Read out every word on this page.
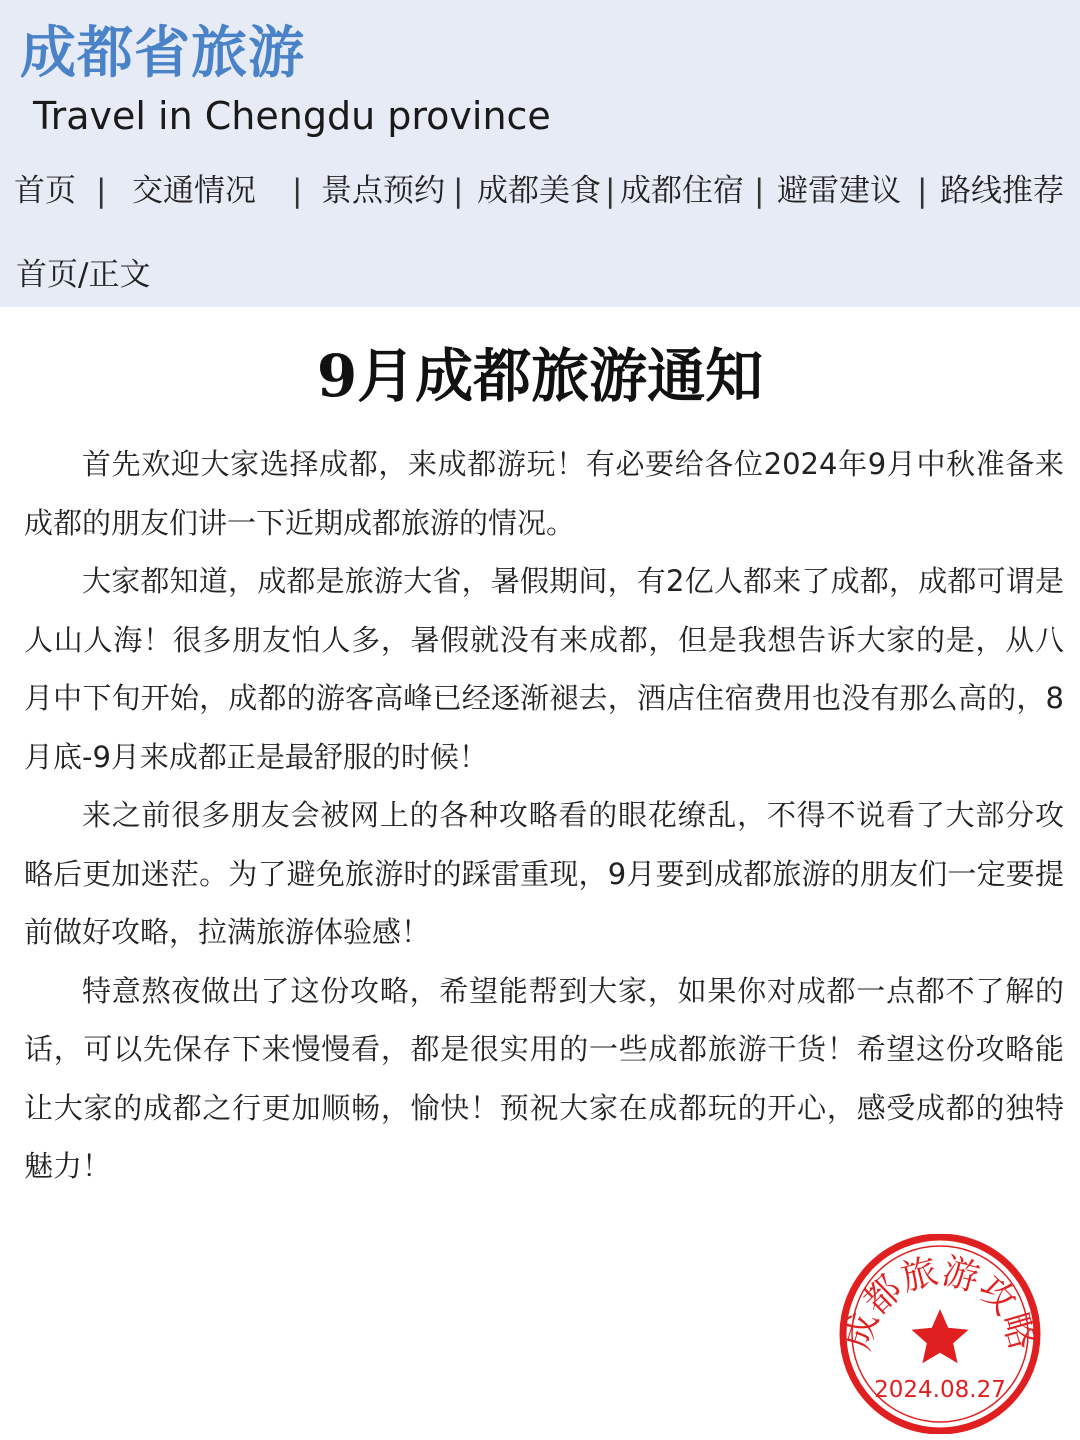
成都省旅游
Travel in Chengdu province
首页 | 交通情况 | 景点预约 | 成都美食 | 成都住宿 | 避雷建议 | 路线推荐
首页/正文
9月成都旅游通知

首先欢迎大家选择成都，来成都游玩！有必要给各位2024年9月中秋准备来成都的朋友们讲一下近期成都旅游的情况。

大家都知道，成都是旅游大省，暑假期间，有2亿人都来了成都，成都可谓是人山人海！很多朋友怕人多，暑假就没有来成都，但是我想告诉大家的是，从八月中下旬开始，成都的游客高峰已经逐渐褪去，酒店住宿费用也没有那么高的，8月底-9月来成都正是最舒服的时候！

来之前很多朋友会被网上的各种攻略看的眼花缭乱，不得不说看了大部分攻略后更加迷茫。为了避免旅游时的踩雷重现，9月要到成都旅游的朋友们一定要提前做好攻略，拉满旅游体验感！

特意熬夜做出了这份攻略，希望能帮到大家，如果你对成都一点都不了解的话，可以先保存下来慢慢看，都是很实用的一些成都旅游干货！希望这份攻略能让大家的成都之行更加顺畅，愉快！预祝大家在成都玩的开心，感受成都的独特魅力！

成都旅游攻略
2024.08.27
